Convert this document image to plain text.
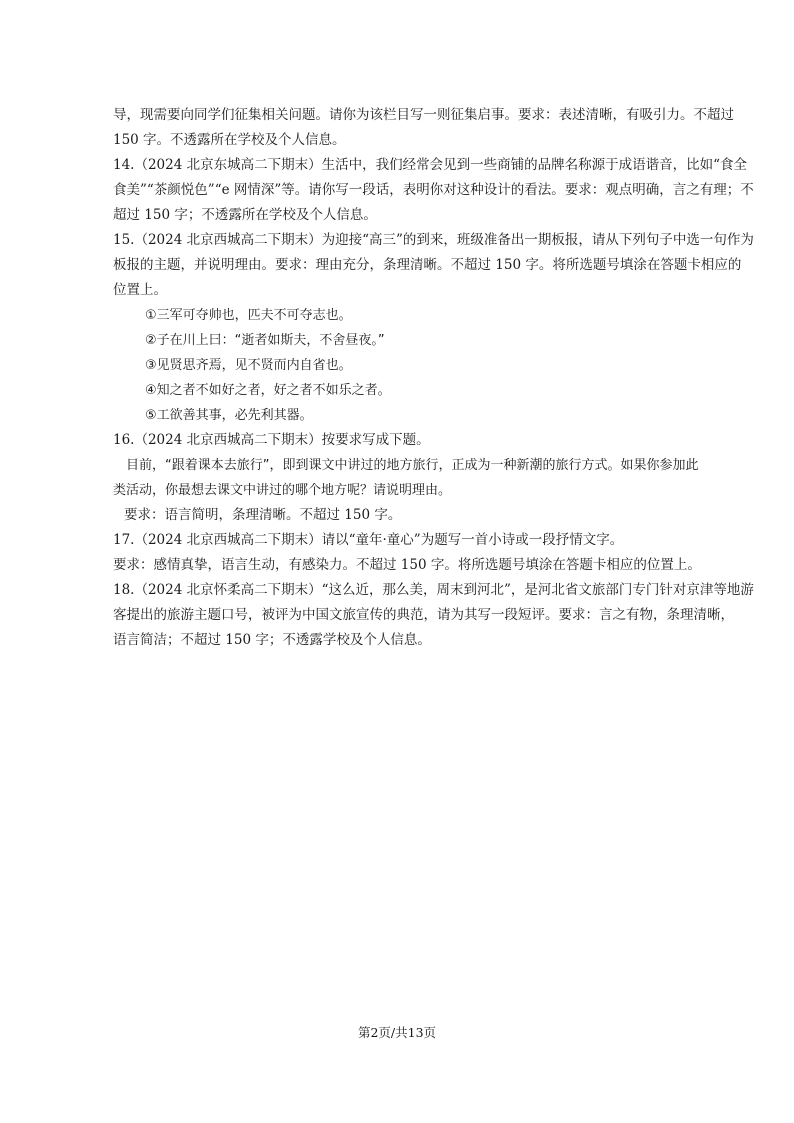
导，现需要向同学们征集相关问题。请你为该栏目写一则征集启事。要求：表述清晰，有吸引力。不超过
150 字。不透露所在学校及个人信息。
14.（2024 北京东城高二下期末）生活中，我们经常会见到一些商铺的品牌名称源于成语谐音，比如“食全
食美”“茶颜悦色”“e 网情深”等。请你写一段话，表明你对这种设计的看法。要求：观点明确，言之有理；不
超过 150 字；不透露所在学校及个人信息。
15.（2024 北京西城高二下期末）为迎接“高三”的到来，班级准备出一期板报，请从下列句子中选一句作为
板报的主题，并说明理由。要求：理由充分，条理清晰。不超过 150 字。将所选题号填涂在答题卡相应的
位置上。
①三军可夺帅也，匹夫不可夺志也。
②子在川上曰：“逝者如斯夫，不舍昼夜。”
③见贤思齐焉，见不贤而内自省也。
④知之者不如好之者，好之者不如乐之者。
⑤工欲善其事，必先利其器。
16.（2024 北京西城高二下期末）按要求写成下题。
目前，“跟着课本去旅行”，即到课文中讲过的地方旅行，正成为一种新潮的旅行方式。如果你参加此
类活动，你最想去课文中讲过的哪个地方呢？请说明理由。
要求：语言简明，条理清晰。不超过 150 字。
17.（2024 北京西城高二下期末）请以“童年·童心”为题写一首小诗或一段抒情文字。
要求：感情真挚，语言生动，有感染力。不超过 150 字。将所选题号填涂在答题卡相应的位置上。
18.（2024 北京怀柔高二下期末）“这么近，那么美，周末到河北”，是河北省文旅部门专门针对京津等地游
客提出的旅游主题口号，被评为中国文旅宣传的典范，请为其写一段短评。要求：言之有物，条理清晰，
语言简洁；不超过 150 字；不透露学校及个人信息。
第2页/共13页
